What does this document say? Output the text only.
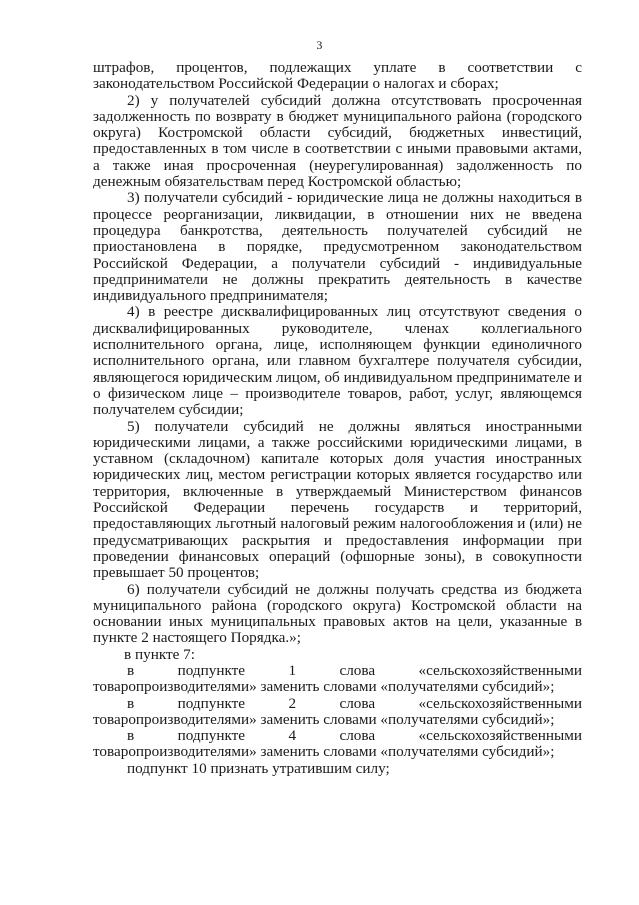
3

штрафов, процентов, подлежащих уплате в соответствии с законодательством Российской Федерации о налогах и сборах;

2) у получателей субсидий должна отсутствовать просроченная задолженность по возврату в бюджет муниципального района (городского округа) Костромской области субсидий, бюджетных инвестиций, предоставленных в том числе в соответствии с иными правовыми актами, а также иная просроченная (неурегулированная) задолженность по денежным обязательствам перед Костромской областью;

3) получатели субсидий - юридические лица не должны находиться в процессе реорганизации, ликвидации, в отношении них не введена процедура банкротства, деятельность получателей субсидий не приостановлена в порядке, предусмотренном законодательством Российской Федерации, а получатели субсидий - индивидуальные предприниматели не должны прекратить деятельность в качестве индивидуального предпринимателя;

4) в реестре дисквалифицированных лиц отсутствуют сведения о дисквалифицированных руководителе, членах коллегиального исполнительного органа, лице, исполняющем функции единоличного исполнительного органа, или главном бухгалтере получателя субсидии, являющегося юридическим лицом, об индивидуальном предпринимателе и о физическом лице – производителе товаров, работ, услуг, являющемся получателем субсидии;

5) получатели субсидий не должны являться иностранными юридическими лицами, а также российскими юридическими лицами, в уставном (складочном) капитале которых доля участия иностранных юридических лиц, местом регистрации которых является государство или территория, включенные в утверждаемый Министерством финансов Российской Федерации перечень государств и территорий, предоставляющих льготный налоговый режим налогообложения и (или) не предусматривающих раскрытия и предоставления информации при проведении финансовых операций (офшорные зоны), в совокупности превышает 50 процентов;

6) получатели субсидий не должны получать средства из бюджета муниципального района (городского округа) Костромской области на основании иных муниципальных правовых актов на цели, указанные в пункте 2 настоящего Порядка.»;

в пункте 7:

в подпункте 1 слова «сельскохозяйственными товаропроизводителями» заменить словами «получателями субсидий»;

в подпункте 2 слова «сельскохозяйственными товаропроизводителями» заменить словами «получателями субсидий»;

в подпункте 4 слова «сельскохозяйственными товаропроизводителями» заменить словами «получателями субсидий»;

подпункт 10 признать утратившим силу;
